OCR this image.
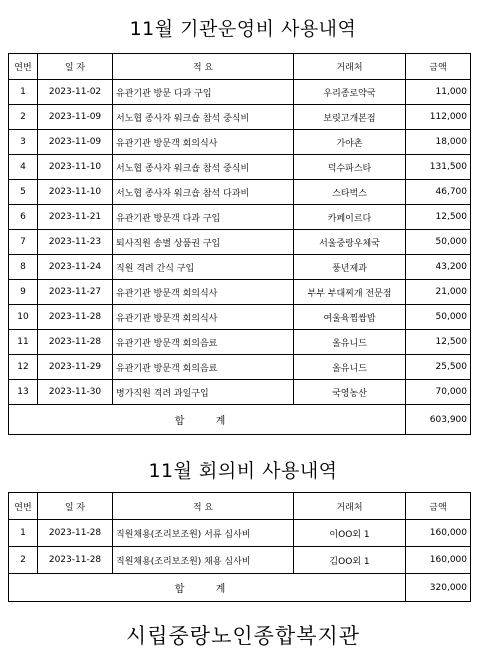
11월 기관운영비 사용내역
연번	일 자	적 요	거래처	금액
1	2023-11-02	유관기관 방문 다과 구입	우리종로약국	11,000
2	2023-11-09	서노협 종사자 워크숍 참석 중식비	보릿고개본점	112,000
3	2023-11-09	유관기관 방문객 회의식사	가야촌	18,000
4	2023-11-10	서노협 종사자 워크숍 참석 중식비	덕수파스타	131,500
5	2023-11-10	서노협 종사자 워크숍 참석 다과비	스타벅스	46,700
6	2023-11-21	유관기관 방문객 다과 구입	카페이르다	12,500
7	2023-11-23	퇴사직원 송별 상품권 구입	서울중랑우체국	50,000
8	2023-11-24	직원 격려 간식 구입	풍년제과	43,200
9	2023-11-27	유관기관 방문객 회의식사	부부 부대찌개 전문점	21,000
10	2023-11-28	유관기관 방문객 회의식사	여울육찜쌈밥	50,000
11	2023-11-28	유관기관 방문객 회의음료	올유니드	12,500
12	2023-11-29	유관기관 방문객 회의음료	올유니드	25,500
13	2023-11-30	병가직원 격려 과일구입	국영농산	70,000
합 계				603,900
11월 회의비 사용내역
연번	일 자	적 요	거래처	금액
1	2023-11-28	직원채용(조리보조원) 서류 심사비	이OO외 1	160,000
2	2023-11-28	직원채용(조리보조원) 채용 심사비	김OO외 1	160,000
합 계				320,000
시립중랑노인종합복지관
